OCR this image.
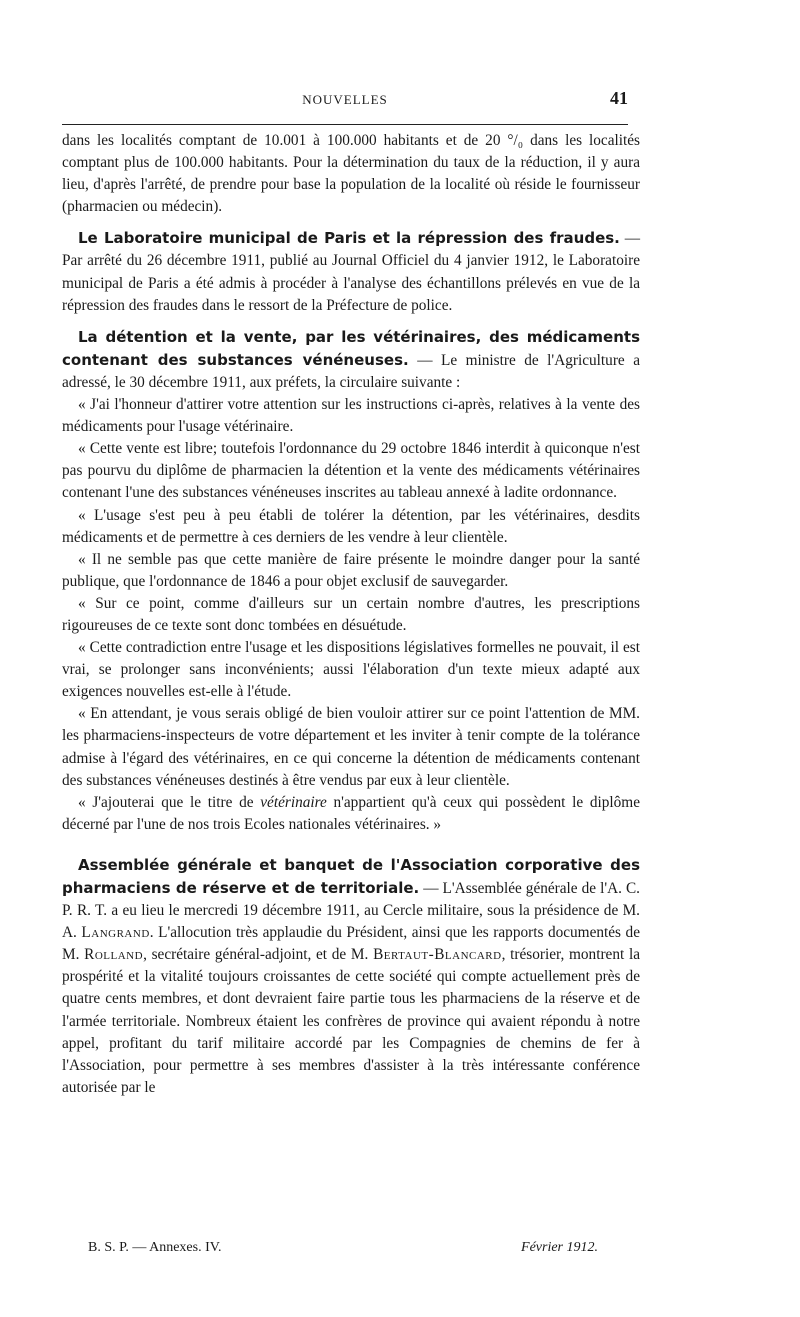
NOUVELLES	41

dans les localités comptant de 10.001 à 100.000 habitants et de 20 °/₀ dans les localités comptant plus de 100.000 habitants. Pour la détermination du taux de la réduction, il y aura lieu, d'après l'arrêté, de prendre pour base la population de la localité où réside le fournisseur (pharmacien ou médecin).

Le Laboratoire municipal de Paris et la répression des fraudes. — Par arrêté du 26 décembre 1911, publié au Journal Officiel du 4 janvier 1912, le Laboratoire municipal de Paris a été admis à procéder à l'analyse des échantillons prélevés en vue de la répression des fraudes dans le ressort de la Préfecture de police.

La détention et la vente, par les vétérinaires, des médicaments contenant des substances vénéneuses. — Le ministre de l'Agriculture a adressé, le 30 décembre 1911, aux préfets, la circulaire suivante :

« J'ai l'honneur d'attirer votre attention sur les instructions ci-après, relatives à la vente des médicaments pour l'usage vétérinaire.

« Cette vente est libre; toutefois l'ordonnance du 29 octobre 1846 interdit à quiconque n'est pas pourvu du diplôme de pharmacien la détention et la vente des médicaments vétérinaires contenant l'une des substances vénéneuses inscrites au tableau annexé à ladite ordonnance.

« L'usage s'est peu à peu établi de tolérer la détention, par les vétérinaires, desdits médicaments et de permettre à ces derniers de les vendre à leur clientèle.

« Il ne semble pas que cette manière de faire présente le moindre danger pour la santé publique, que l'ordonnance de 1846 a pour objet exclusif de sauvegarder.

« Sur ce point, comme d'ailleurs sur un certain nombre d'autres, les prescriptions rigoureuses de ce texte sont donc tombées en désuétude.

« Cette contradiction entre l'usage et les dispositions législatives formelles ne pouvait, il est vrai, se prolonger sans inconvénients; aussi l'élaboration d'un texte mieux adapté aux exigences nouvelles est-elle à l'étude.

« En attendant, je vous serais obligé de bien vouloir attirer sur ce point l'attention de MM. les pharmaciens-inspecteurs de votre département et les inviter à tenir compte de la tolérance admise à l'égard des vétérinaires, en ce qui concerne la détention de médicaments contenant des substances vénéneuses destinés à être vendus par eux à leur clientèle.

« J'ajouterai que le titre de vétérinaire n'appartient qu'à ceux qui possèdent le diplôme décerné par l'une de nos trois Ecoles nationales vétérinaires. »

Assemblée générale et banquet de l'Association corporative des pharmaciens de réserve et de territoriale. — L'Assemblée générale de l'A. C. P. R. T. a eu lieu le mercredi 19 décembre 1911, au Cercle militaire, sous la présidence de M. A. Langrand. L'allocution très applaudie du Président, ainsi que les rapports documentés de M. Rolland, secrétaire général-adjoint, et de M. Bertaut-Blancard, trésorier, montrent la prospérité et la vitalité toujours croissantes de cette société qui compte actuellement près de quatre cents membres, et dont devraient faire partie tous les pharmaciens de la réserve et de l'armée territoriale. Nombreux étaient les confrères de province qui avaient répondu à notre appel, profitant du tarif militaire accordé par les Compagnies de chemins de fer à l'Association, pour permettre à ses membres d'assister à la très intéressante conférence autorisée par le

B. S. P. — Annexes. IV.	Février 1912.
